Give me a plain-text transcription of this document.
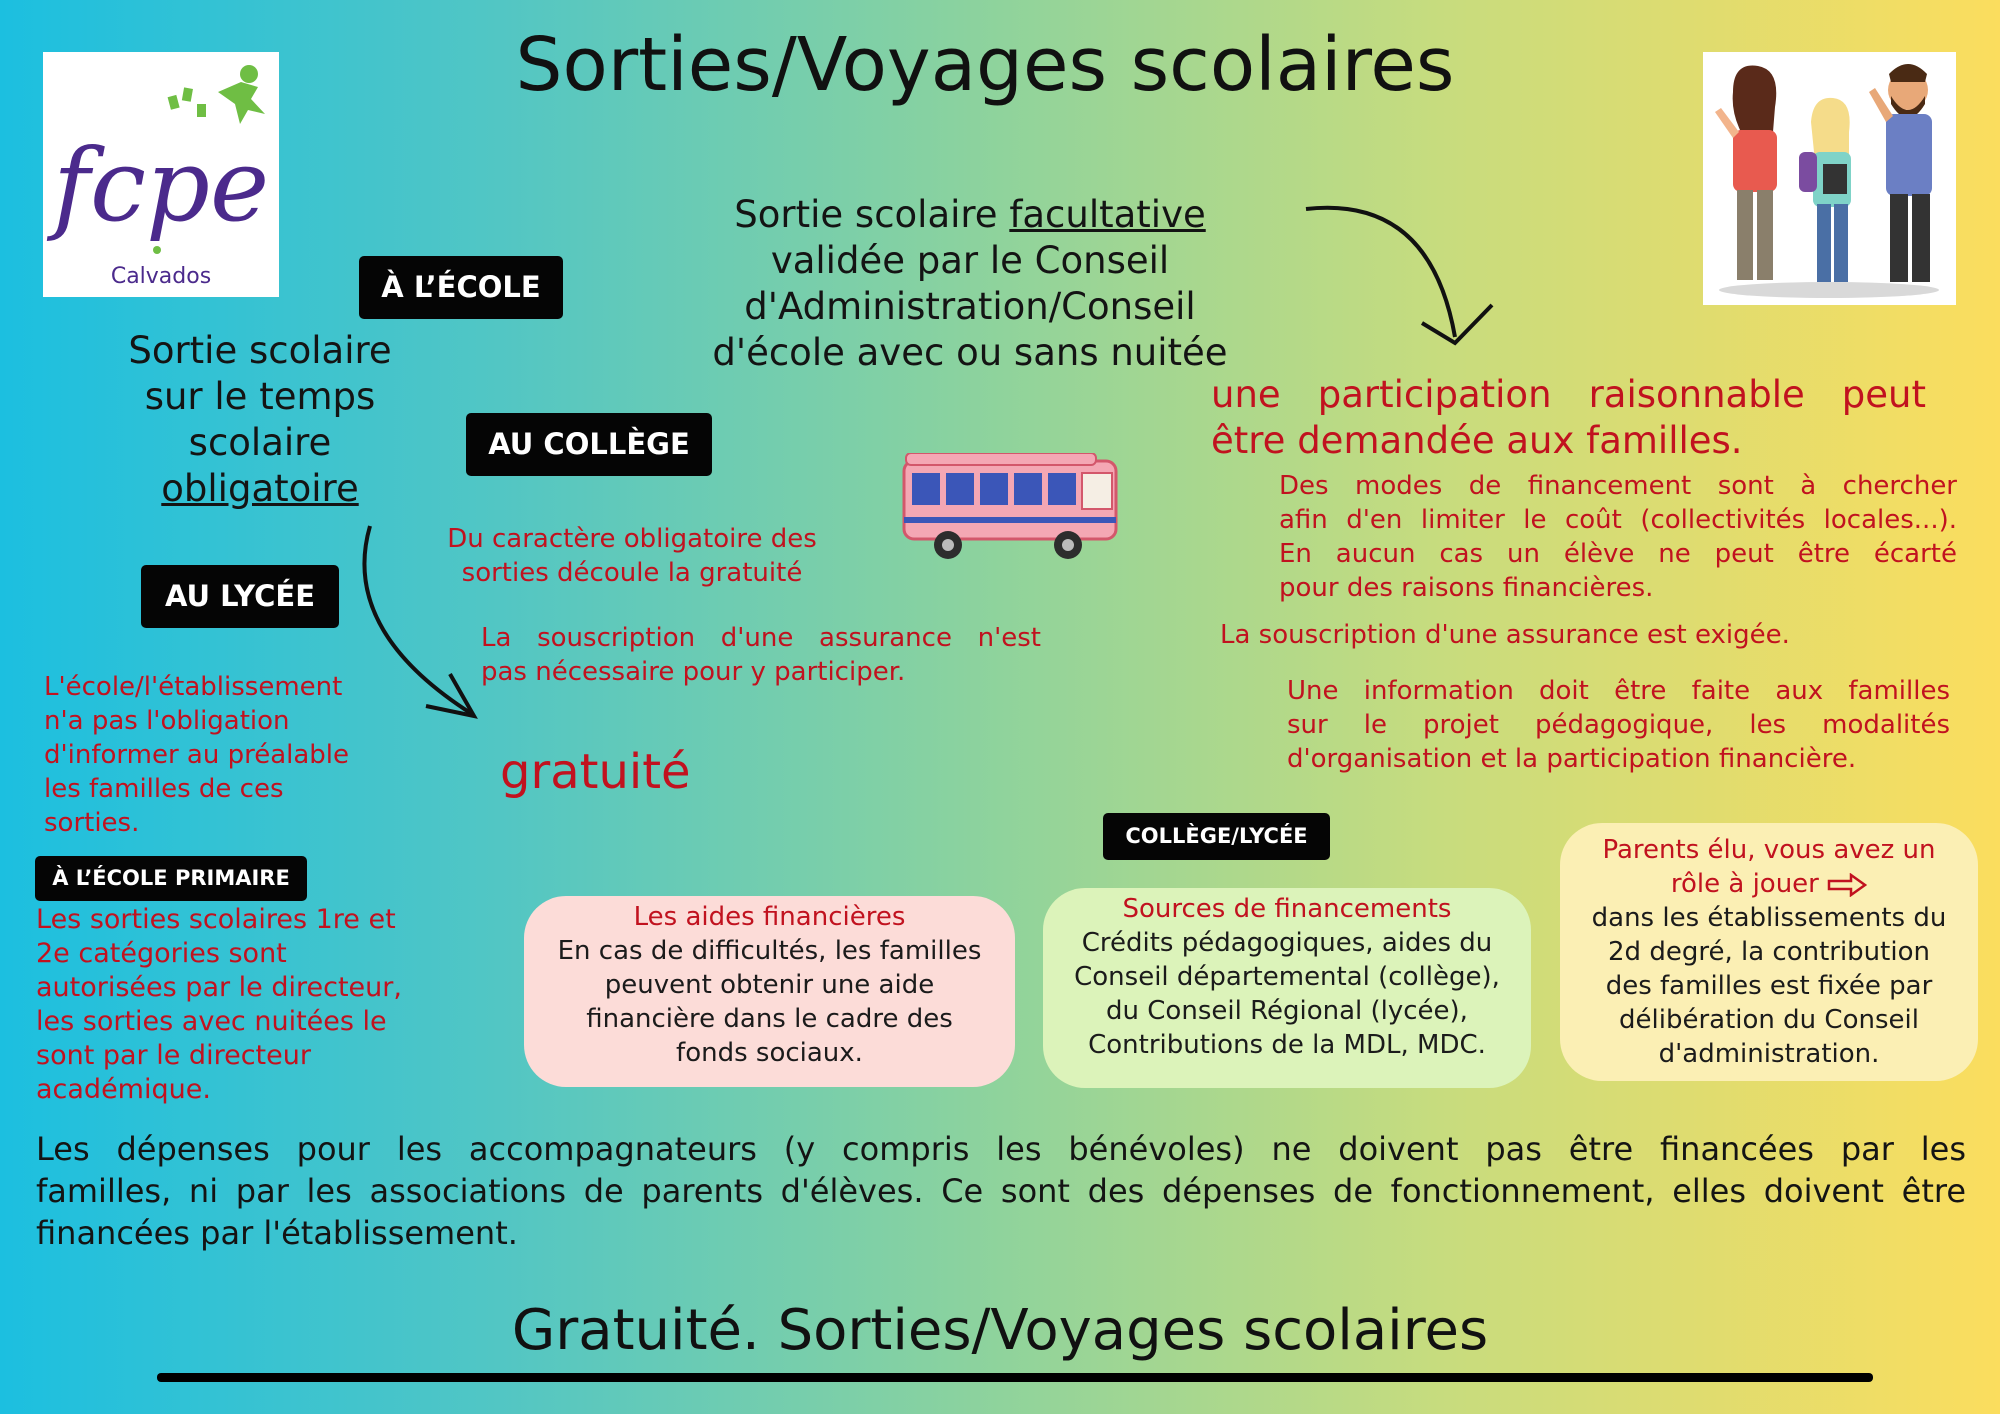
Sorties/Voyages scolaires
fcpe
Calvados	À L’ÉCOLE
AU COLLÈGE
AU LYCÉE
À L’ÉCOLE PRIMAIRE
COLLÈGE/LYCÉE
Sortie scolaire
sur le temps
scolaire
obligatoire
Sortie scolaire facultative
validée par le Conseil
d'Administration/Conseil
d'école avec ou sans nuitée
Du caractère obligatoire des
sorties découle la gratuité
La souscription d'une assurance n'est
pas nécessaire pour y participer.
L'école/l'établissement
n'a pas l'obligation
d'informer au préalable
les familles de ces
sorties.
gratuité
Les sorties scolaires 1re et
2e catégories sont
autorisées par le directeur,
les sorties avec nuitées le
sont par le directeur
académique.
une participation raisonnable peut
être demandée aux familles.
Des modes de financement sont à chercher
afin d'en limiter le coût (collectivités locales...).
En aucun cas un élève ne peut être écarté
pour des raisons financières.
La souscription d'une assurance est exigée.
Une information doit être faite aux familles
sur le projet pédagogique, les modalités
d'organisation et la participation financière.
Les aides financières
En cas de difficultés, les familles
peuvent obtenir une aide
financière dans le cadre des
fonds sociaux.
Sources de financements
Crédits pédagogiques, aides du
Conseil départemental (collège),
du Conseil Régional (lycée),
Contributions de la MDL, MDC.
Parents élu, vous avez un
rôle à jouer
dans les établissements du
2d degré, la contribution
des familles est fixée par
délibération du Conseil
d'administration.
Les dépenses pour les accompagnateurs (y compris les bénévoles) ne doivent pas être financées par les
familles, ni par les associations de parents d'élèves. Ce sont des dépenses de fonctionnement, elles doivent être
financées par l'établissement.
Gratuité. Sorties/Voyages scolaires
